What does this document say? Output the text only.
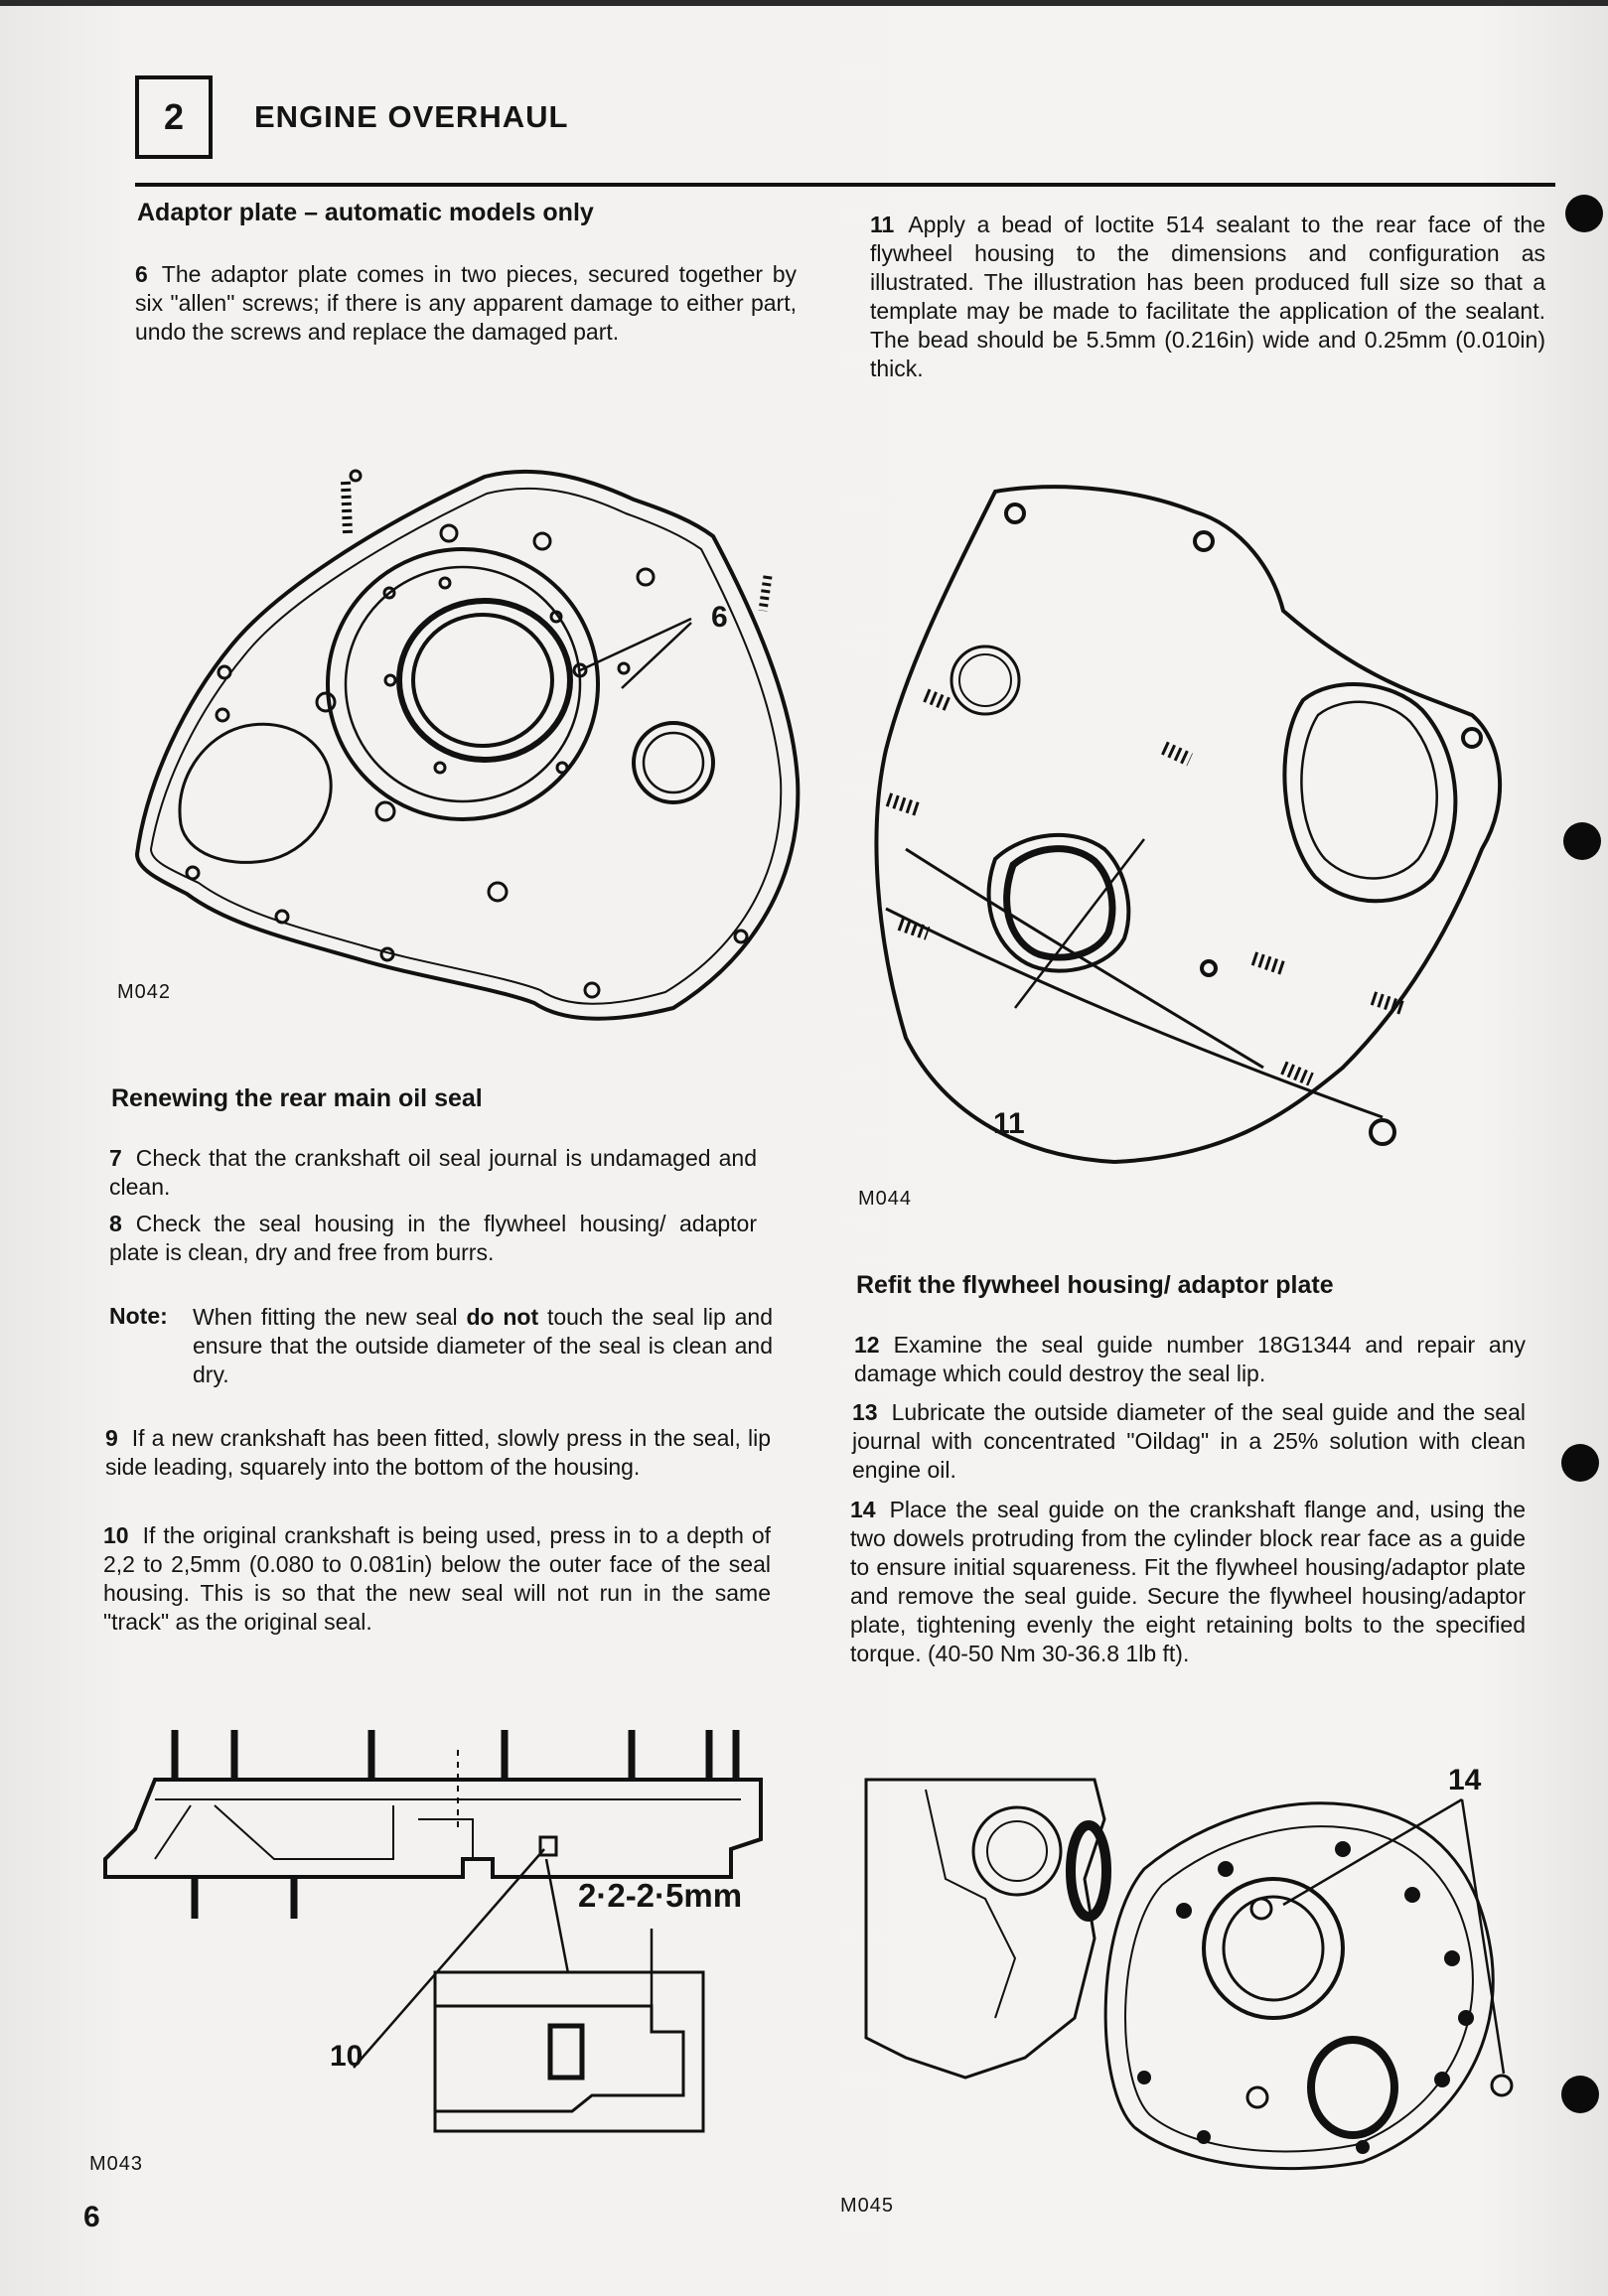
2 ENGINE OVERHAUL
Adaptor plate – automatic models only
6 The adaptor plate comes in two pieces, secured together by six "allen" screws; if there is any apparent damage to either part, undo the screws and replace the damaged part.
6
M042
Renewing the rear main oil seal
7 Check that the crankshaft oil seal journal is undamaged and clean.
8 Check the seal housing in the flywheel housing/ adaptor plate is clean, dry and free from burrs.
Note: When fitting the new seal do not touch the seal lip and ensure that the outside diameter of the seal is clean and dry.
9 If a new crankshaft has been fitted, slowly press in the seal, lip side leading, squarely into the bottom of the housing.
10 If the original crankshaft is being used, press in to a depth of 2,2 to 2,5mm (0.080 to 0.081in) below the outer face of the seal housing. This is so that the new seal will not run in the same "track" as the original seal.
2·2-2·5mm
10
M043
6
11 Apply a bead of loctite 514 sealant to the rear face of the flywheel housing to the dimensions and configuration as illustrated. The illustration has been produced full size so that a template may be made to facilitate the application of the sealant. The bead should be 5.5mm (0.216in) wide and 0.25mm (0.010in) thick.
11
M044
Refit the flywheel housing/ adaptor plate
12 Examine the seal guide number 18G1344 and repair any damage which could destroy the seal lip.
13 Lubricate the outside diameter of the seal guide and the seal journal with concentrated "Oildag" in a 25% solution with clean engine oil.
14 Place the seal guide on the crankshaft flange and, using the two dowels protruding from the cylinder block rear face as a guide to ensure initial squareness. Fit the flywheel housing/adaptor plate and remove the seal guide. Secure the flywheel housing/adaptor plate, tightening evenly the eight retaining bolts to the specified torque. (40-50 Nm 30-36.8 1lb ft).
14
M045
